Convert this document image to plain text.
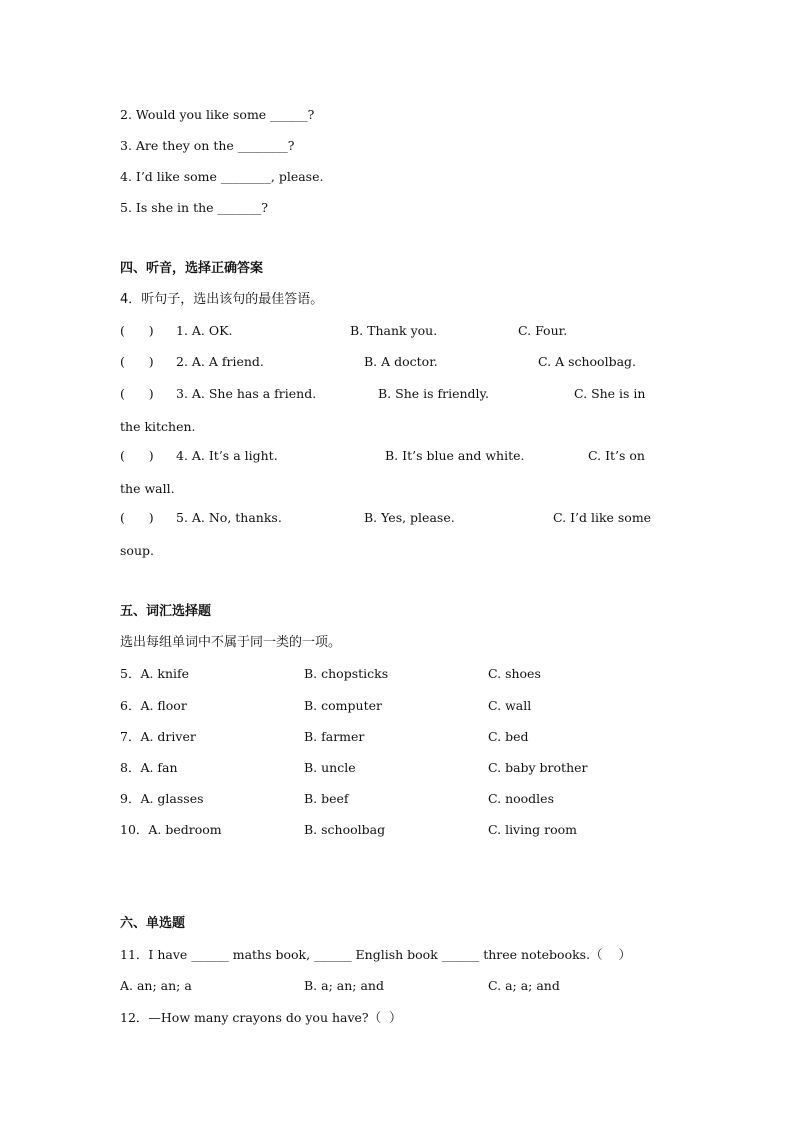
2. Would you like some ______?
3. Are they on the ________?
4. I’d like some ________, please.
5. Is she in the _______?
四、听音，选择正确答案
4．听句子，选出该句的最佳答语。
(      ) 1. A. OK.	B. Thank you.	C. Four.
(      ) 2. A. A friend.	B. A doctor.	C. A schoolbag.
(      ) 3. A. She has a friend.	B. She is friendly.	C. She is in
the kitchen.
(      ) 4. A. It’s a light.	B. It’s blue and white.	C. It’s on
the wall.
(      ) 5. A. No, thanks.	B. Yes, please.	C. I’d like some
soup.
五、词汇选择题
选出每组单词中不属于同一类的一项。
5．A. knife	B. chopsticks	C. shoes
6．A. floor	B. computer	C. wall
7．A. driver	B. farmer	C. bed
8．A. fan	B. uncle	C. baby brother
9．A. glasses	B. beef	C. noodles
10．A. bedroom	B. schoolbag	C. living room
六、单选题
11．I have ______ maths book, ______ English book ______ three notebooks.（    ）
A. an; an; a	B. a; an; and	C. a; a; and
12．—How many crayons do you have?（  ）
